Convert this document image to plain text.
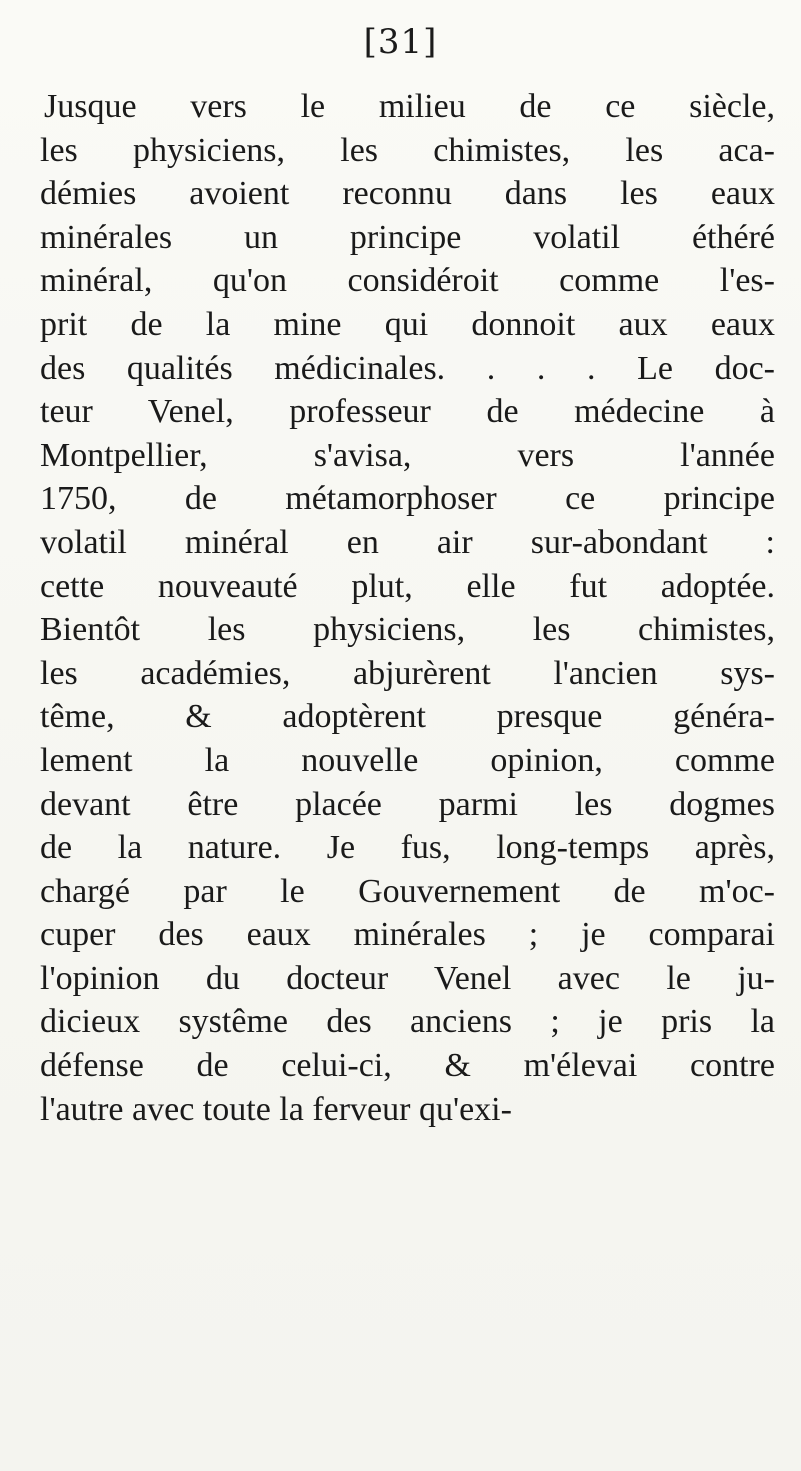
[31]
Jusque vers le milieu de ce siècle,
les physiciens, les chimistes, les aca-
démies avoient reconnu dans les eaux
minérales un principe volatil éthéré
minéral, qu'on considéroit comme l'es-
prit de la mine qui donnoit aux eaux
des qualités médicinales. . . . Le doc-
teur Venel, professeur de médecine à
Montpellier, s'avisa, vers l'année
1750, de métamorphoser ce principe
volatil minéral en air sur-abondant :
cette nouveauté plut, elle fut adoptée.
Bientôt les physiciens, les chimistes,
les académies, abjurèrent l'ancien sys-
tême, & adoptèrent presque généra-
lement la nouvelle opinion, comme
devant être placée parmi les dogmes
de la nature. Je fus, long-temps après,
chargé par le Gouvernement de m'oc-
cuper des eaux minérales ; je comparai
l'opinion du docteur Venel avec le ju-
dicieux systême des anciens ; je pris la
défense de celui-ci, & m'élevai contre
l'autre avec toute la ferveur qu'exi-
